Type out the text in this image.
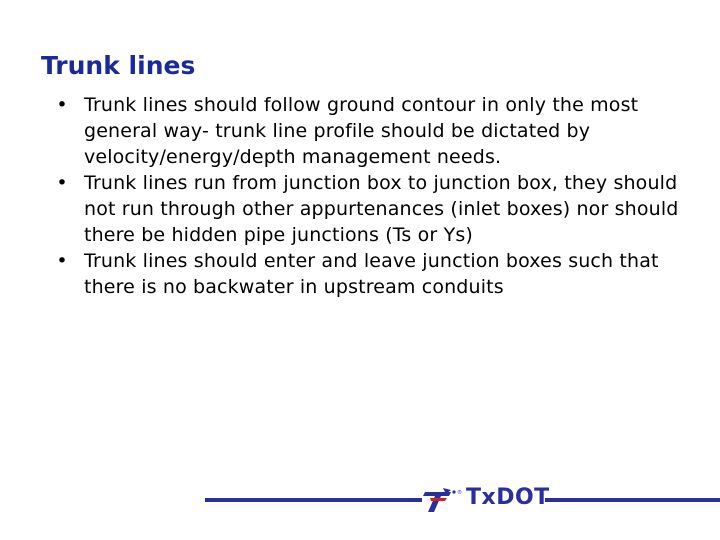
Trunk lines
• Trunk lines should follow ground contour in only the most general way- trunk line profile should be dictated by velocity/energy/depth management needs.
• Trunk lines run from junction box to junction box, they should not run through other appurtenances (inlet boxes) nor should there be hidden pipe junctions (Ts or Ys)
• Trunk lines should enter and leave junction boxes such that there is no backwater in upstream conduits
® TxDOT
